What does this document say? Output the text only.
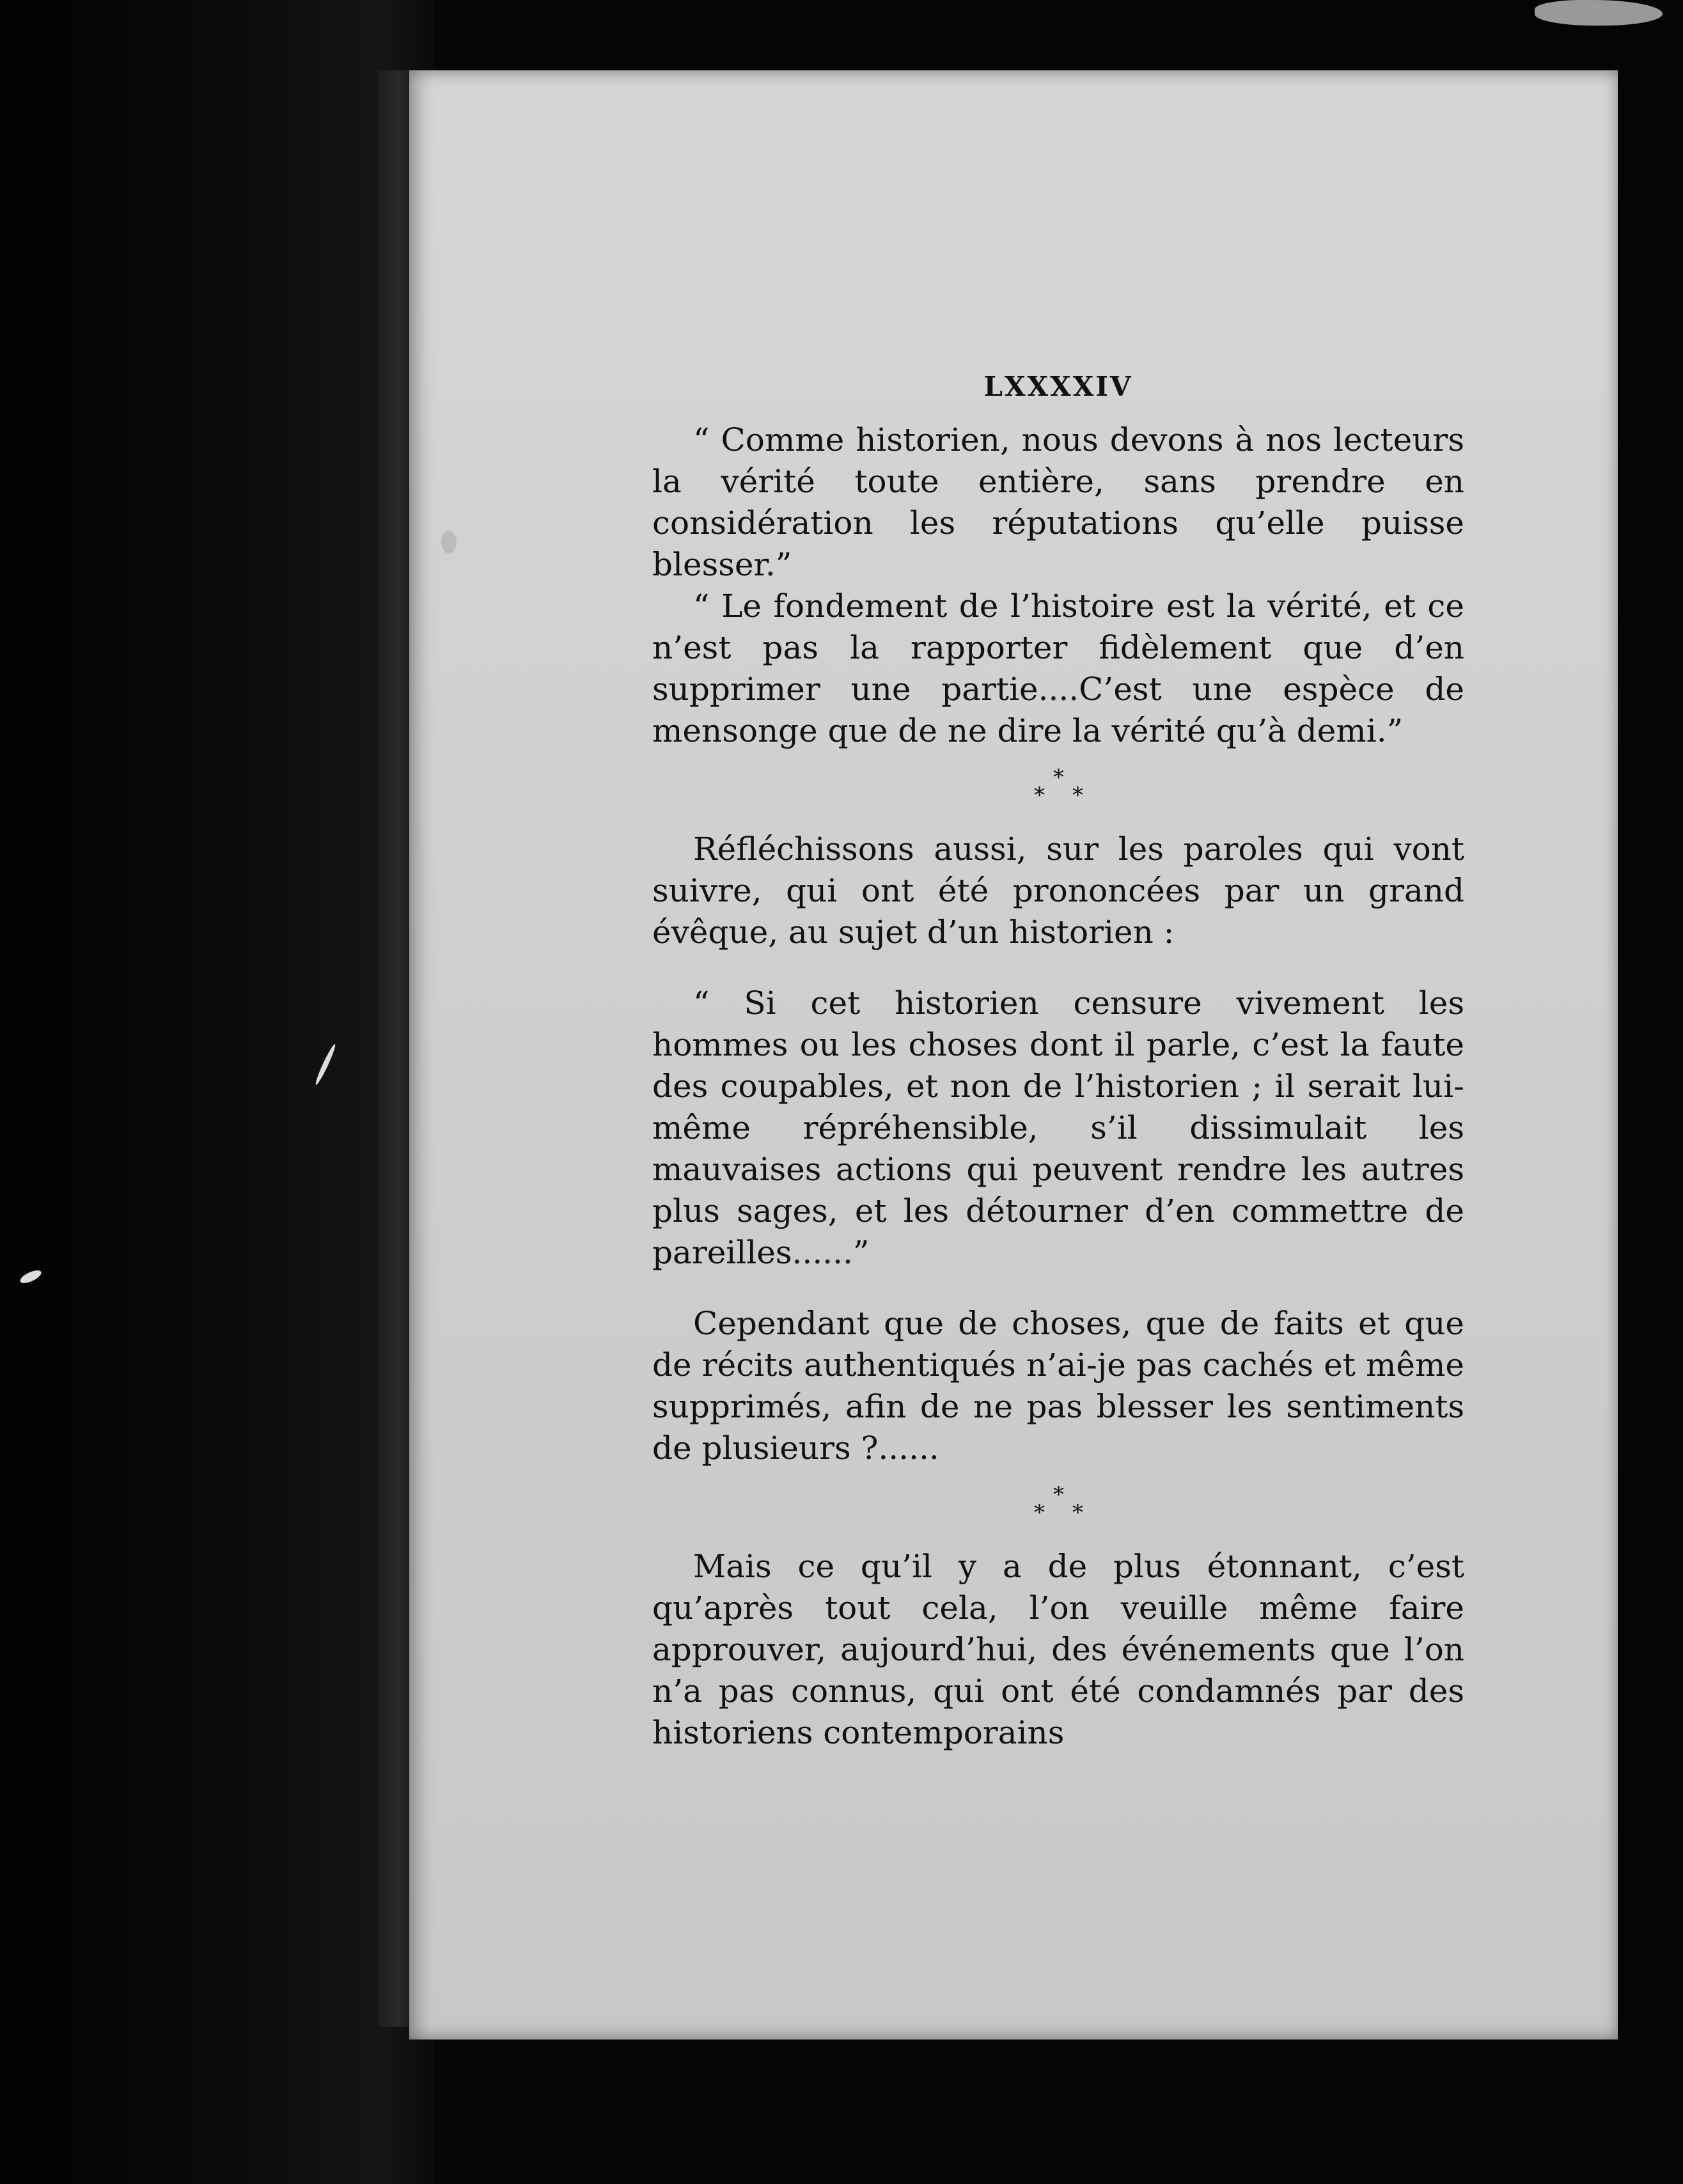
LXXXXIV

“ Comme historien, nous devons à nos lecteurs la vérité toute entière, sans prendre en considération les réputations qu’elle puisse blesser.”

“ Le fondement de l’histoire est la vérité, et ce n’est pas la rapporter fidèlement que d’en supprimer une partie....C’est une espèce de mensonge que de ne dire la vérité qu’à demi.”

*
* *

Réfléchissons aussi, sur les paroles qui vont suivre, qui ont été prononcées par un grand évêque, au sujet d’un historien :

“ Si cet historien censure vivement les hommes ou les choses dont il parle, c’est la faute des coupables, et non de l’historien ; il serait lui-même répréhensible, s’il dissimulait les mauvaises actions qui peuvent rendre les autres plus sages, et les détourner d’en commettre de pareilles......”

Cependant que de choses, que de faits et que de récits authentiqués n’ai-je pas cachés et même supprimés, afin de ne pas blesser les sentiments de plusieurs ?......

*
* *

Mais ce qu’il y a de plus étonnant, c’est qu’après tout cela, l’on veuille même faire approuver, aujourd’hui, des événements que l’on n’a pas connus, qui ont été condamnés par des historiens contemporains
